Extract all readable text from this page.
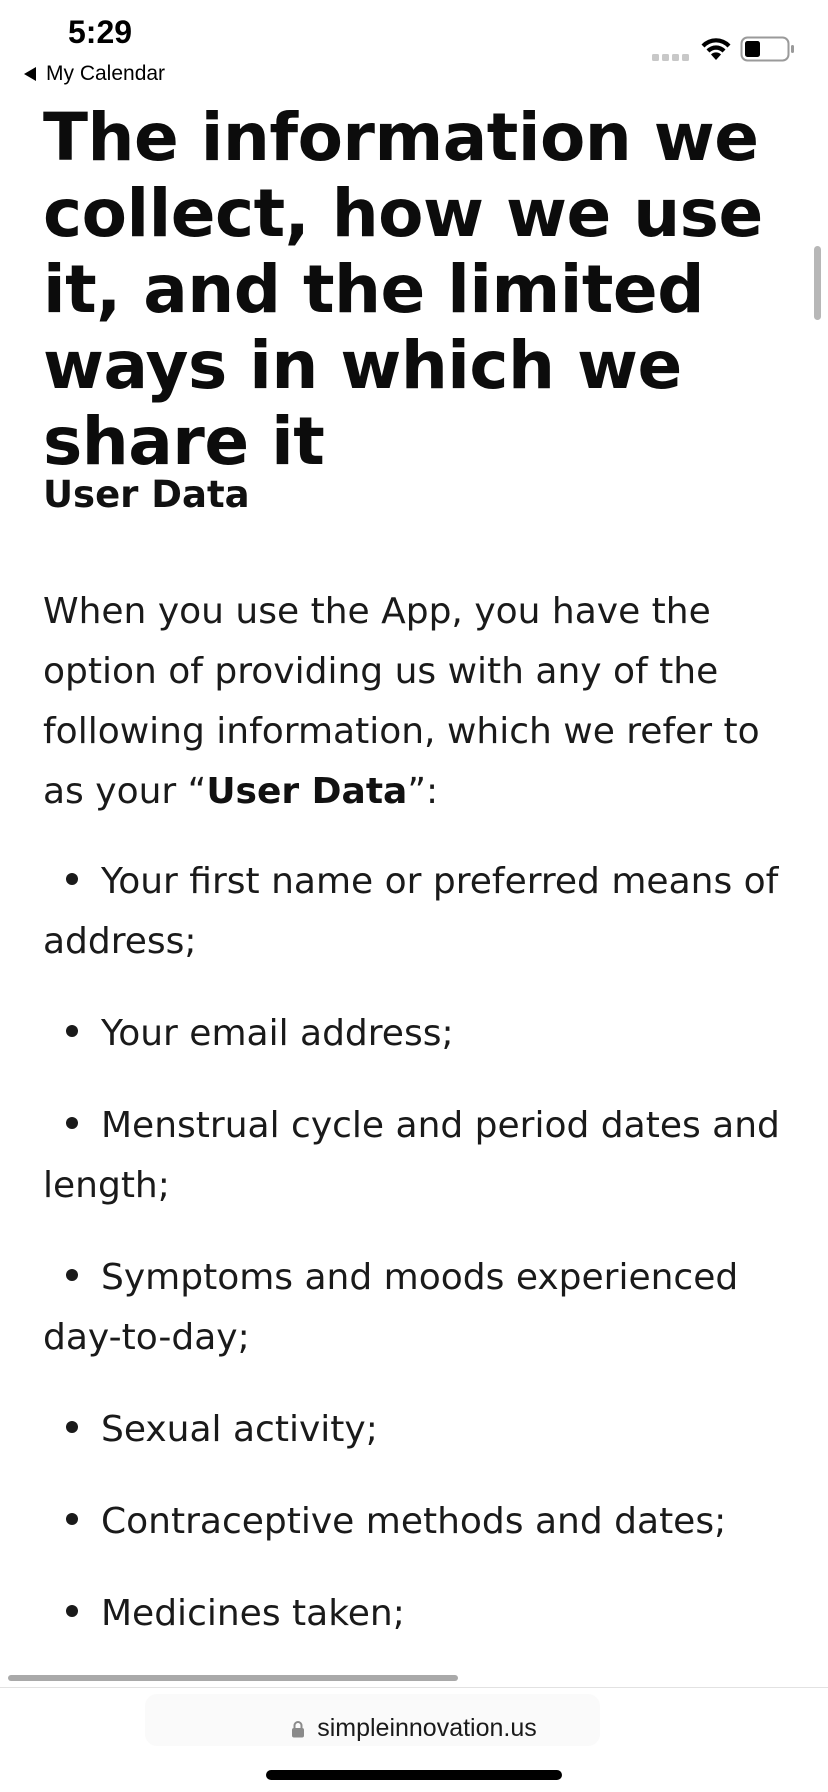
5:29
My Calendar
The information we collect, how we use it, and the limited ways in which we share it
User Data

When you use the App, you have the option of providing us with any of the following information, which we refer to as your “User Data”:

Your first name or preferred means of address;
Your email address;
Menstrual cycle and period dates and length;
Symptoms and moods experienced day-to-day;
Sexual activity;
Contraceptive methods and dates;
Medicines taken;
simpleinnovation.us
